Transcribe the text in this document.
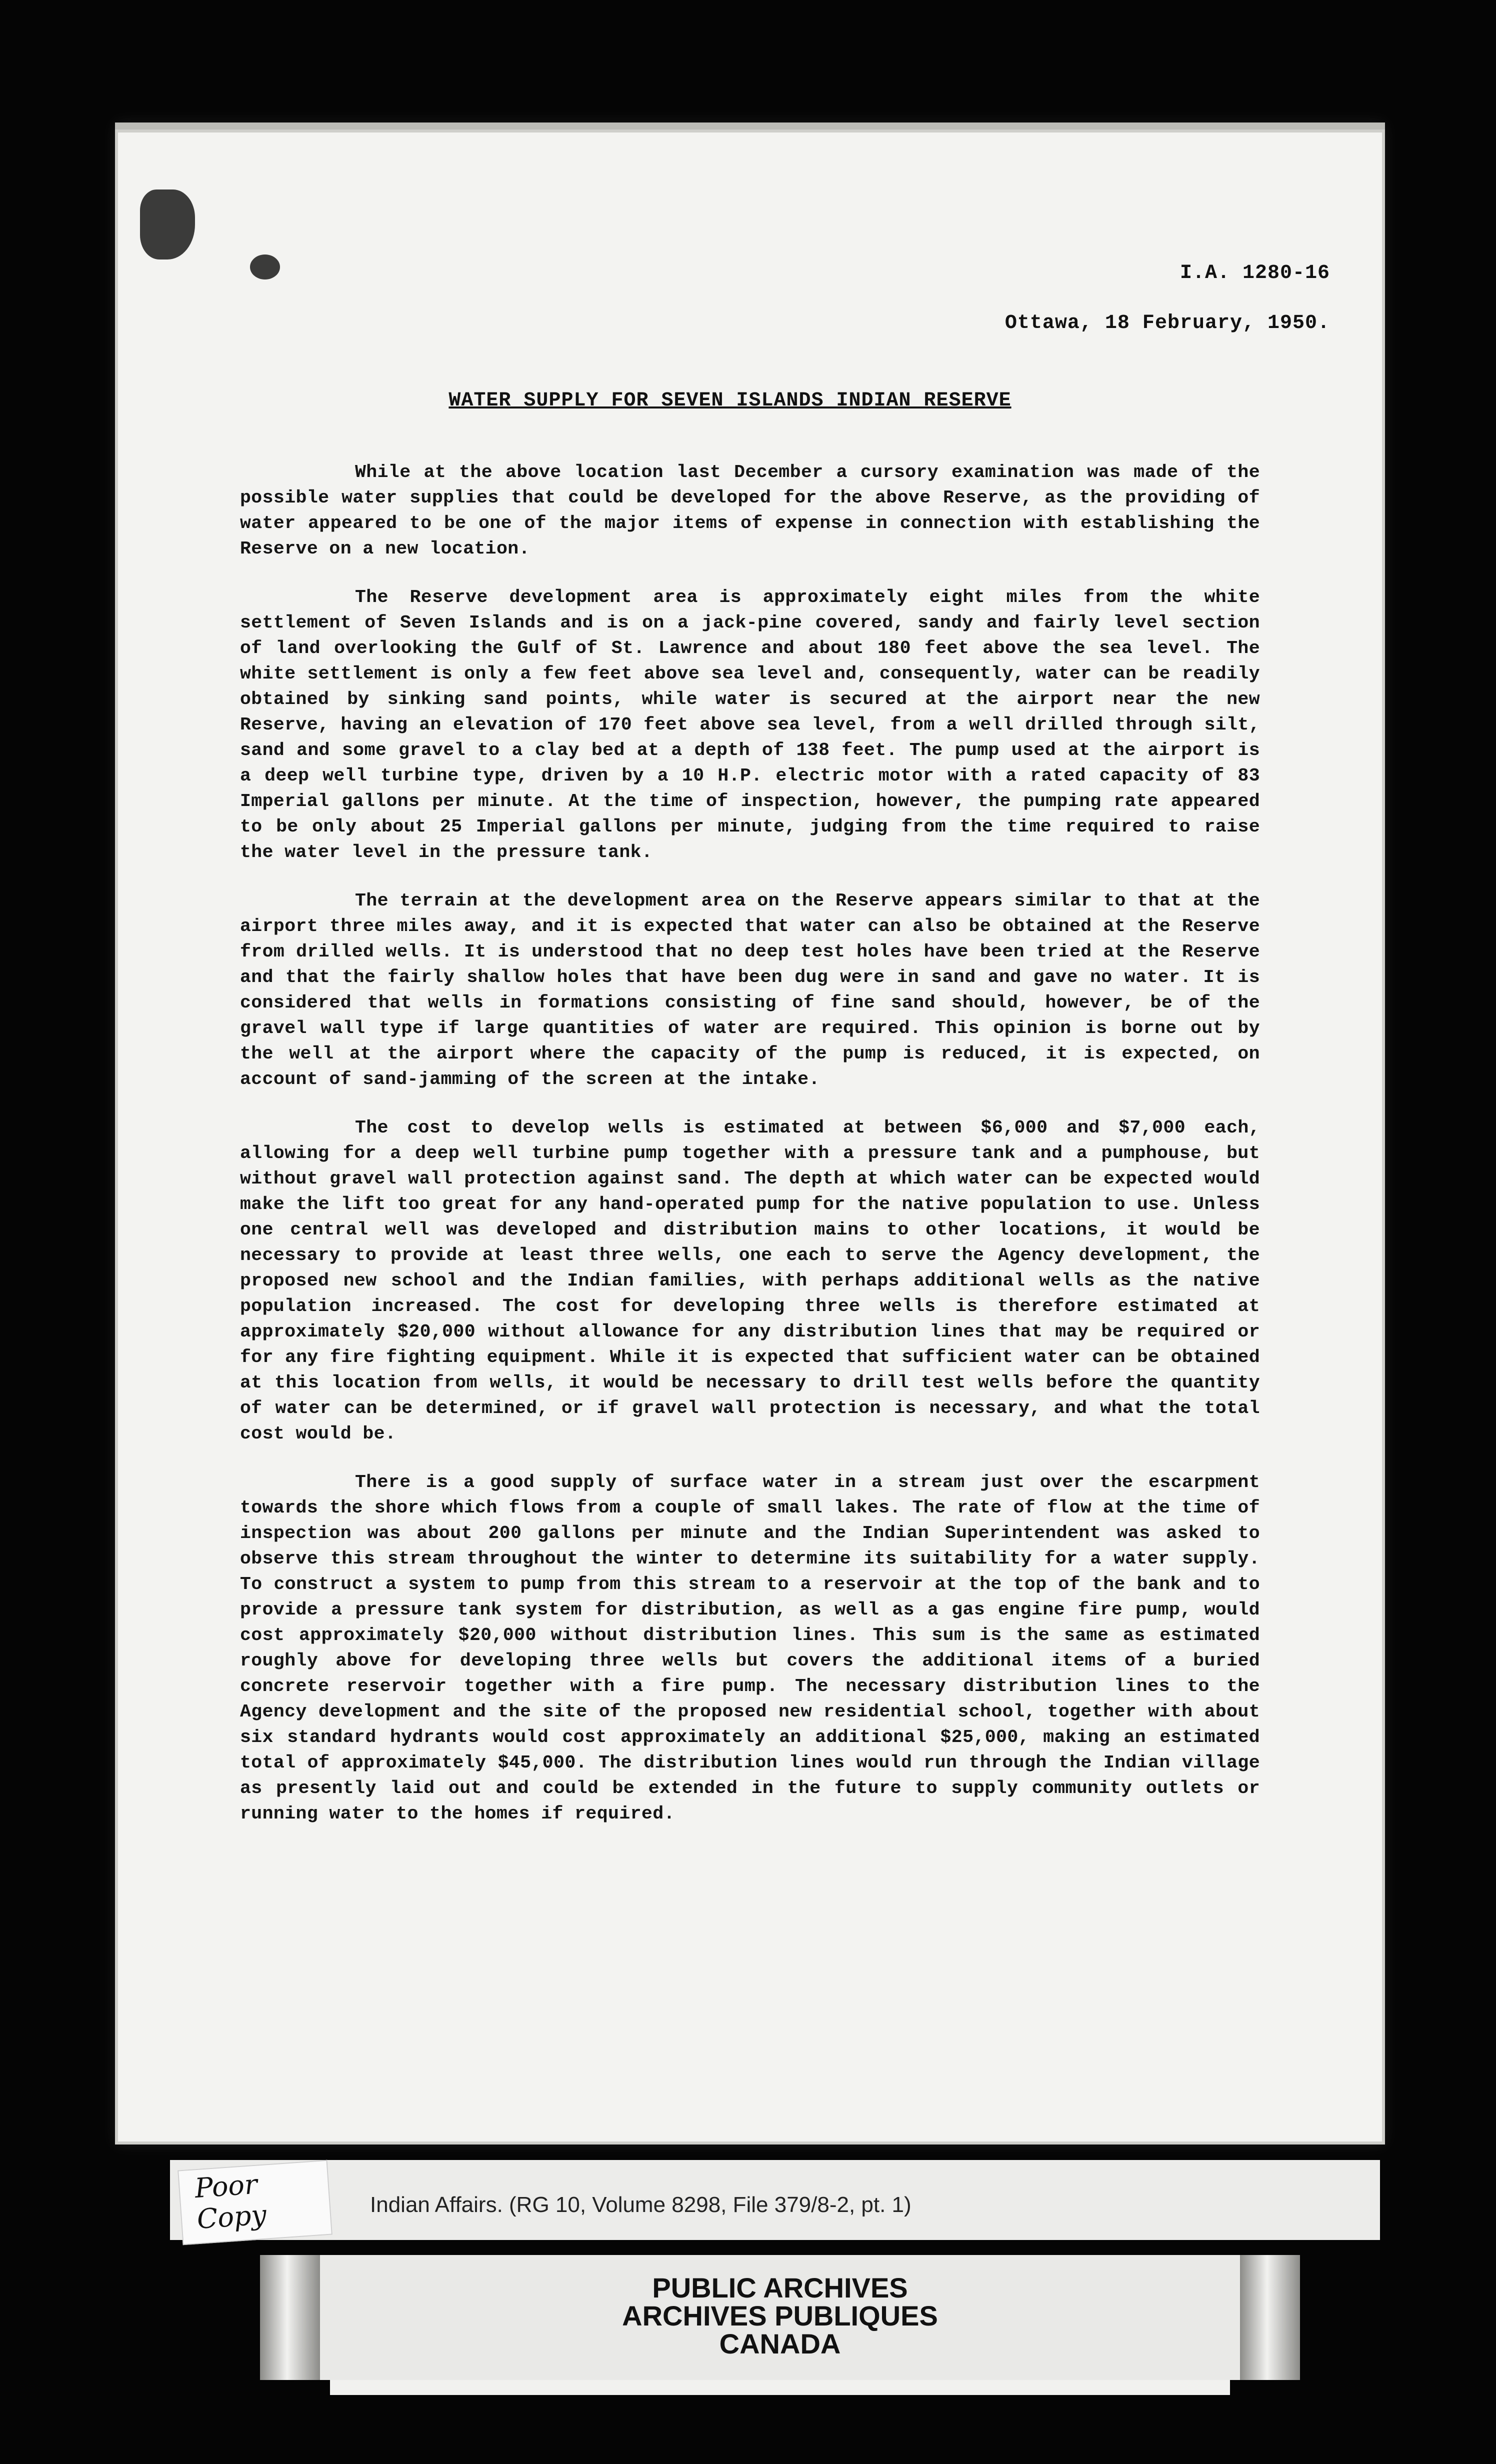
I.A. 1280-16
Ottawa, 18 February, 1950.
WATER SUPPLY FOR SEVEN ISLANDS INDIAN RESERVE

While at the above location last December a cursory examination was made of the possible water supplies that could be developed for the above Reserve, as the providing of water appeared to be one of the major items of expense in connection with establishing the Reserve on a new location.

The Reserve development area is approximately eight miles from the white settlement of Seven Islands and is on a jack-pine covered, sandy and fairly level section of land overlooking the Gulf of St. Lawrence and about 180 feet above the sea level. The white settlement is only a few feet above sea level and, consequently, water can be readily obtained by sinking sand points, while water is secured at the airport near the new Reserve, having an elevation of 170 feet above sea level, from a well drilled through silt, sand and some gravel to a clay bed at a depth of 138 feet. The pump used at the airport is a deep well turbine type, driven by a 10 H.P. electric motor with a rated capacity of 83 Imperial gallons per minute. At the time of inspection, however, the pumping rate appeared to be only about 25 Imperial gallons per minute, judging from the time required to raise the water level in the pressure tank.

The terrain at the development area on the Reserve appears similar to that at the airport three miles away, and it is expected that water can also be obtained at the Reserve from drilled wells. It is understood that no deep test holes have been tried at the Reserve and that the fairly shallow holes that have been dug were in sand and gave no water. It is considered that wells in formations consisting of fine sand should, however, be of the gravel wall type if large quantities of water are required. This opinion is borne out by the well at the airport where the capacity of the pump is reduced, it is expected, on account of sand-jamming of the screen at the intake.

The cost to develop wells is estimated at between $6,000 and $7,000 each, allowing for a deep well turbine pump together with a pressure tank and a pumphouse, but without gravel wall protection against sand. The depth at which water can be expected would make the lift too great for any hand-operated pump for the native population to use. Unless one central well was developed and distribution mains to other locations, it would be necessary to provide at least three wells, one each to serve the Agency development, the proposed new school and the Indian families, with perhaps additional wells as the native population increased. The cost for developing three wells is therefore estimated at approximately $20,000 without allowance for any distribution lines that may be required or for any fire fighting equipment. While it is expected that sufficient water can be obtained at this location from wells, it would be necessary to drill test wells before the quantity of water can be determined, or if gravel wall protection is necessary, and what the total cost would be.

There is a good supply of surface water in a stream just over the escarpment towards the shore which flows from a couple of small lakes. The rate of flow at the time of inspection was about 200 gallons per minute and the Indian Superintendent was asked to observe this stream throughout the winter to determine its suitability for a water supply. To construct a system to pump from this stream to a reservoir at the top of the bank and to provide a pressure tank system for distribution, as well as a gas engine fire pump, would cost approximately $20,000 without distribution lines. This sum is the same as estimated roughly above for developing three wells but covers the additional items of a buried concrete reservoir together with a fire pump. The necessary distribution lines to the Agency development and the site of the proposed new residential school, together with about six standard hydrants would cost approximately an additional $25,000, making an estimated total of approximately $45,000. The distribution lines would run through the Indian village as presently laid out and could be extended in the future to supply community outlets or running water to the homes if required.

Poor
Copy	Indian Affairs. (RG 10, Volume 8298, File 379/8-2, pt. 1)
PUBLIC ARCHIVES
ARCHIVES PUBLIQUES
CANADA
